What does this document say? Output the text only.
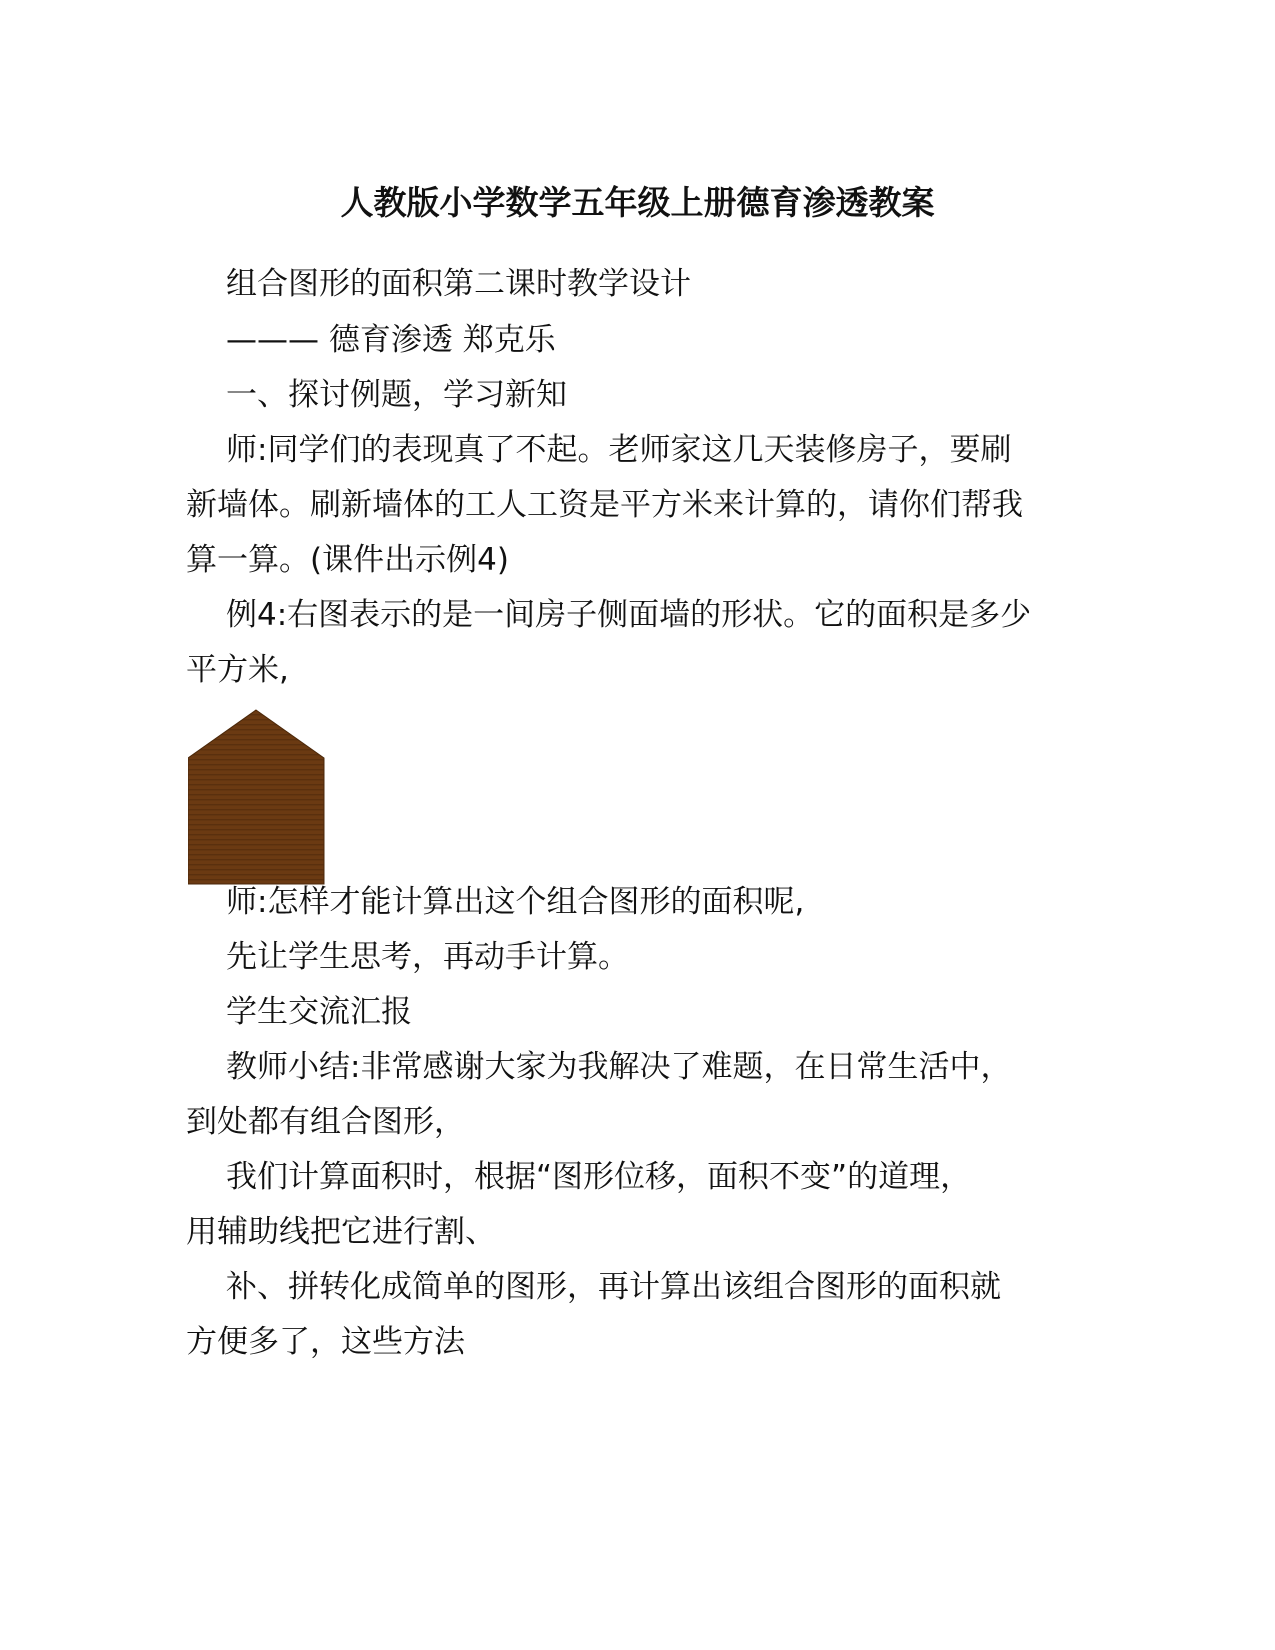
人教版小学数学五年级上册德育渗透教案

组合图形的面积第二课时教学设计

——— 德育渗透 郑克乐

一、探讨例题，学习新知

师:同学们的表现真了不起。老师家这几天装修房子，要刷

新墙体。刷新墙体的工人工资是平方米来计算的，请你们帮我

算一算。(课件出示例4)

例4:右图表示的是一间房子侧面墙的形状。它的面积是多少

平方米,

师:怎样才能计算出这个组合图形的面积呢,

先让学生思考，再动手计算。

学生交流汇报

教师小结:非常感谢大家为我解决了难题，在日常生活中，

到处都有组合图形，

我们计算面积时，根据“图形位移，面积不变”的道理，

用辅助线把它进行割、

补、拼转化成简单的图形，再计算出该组合图形的面积就

方便多了，这些方法
